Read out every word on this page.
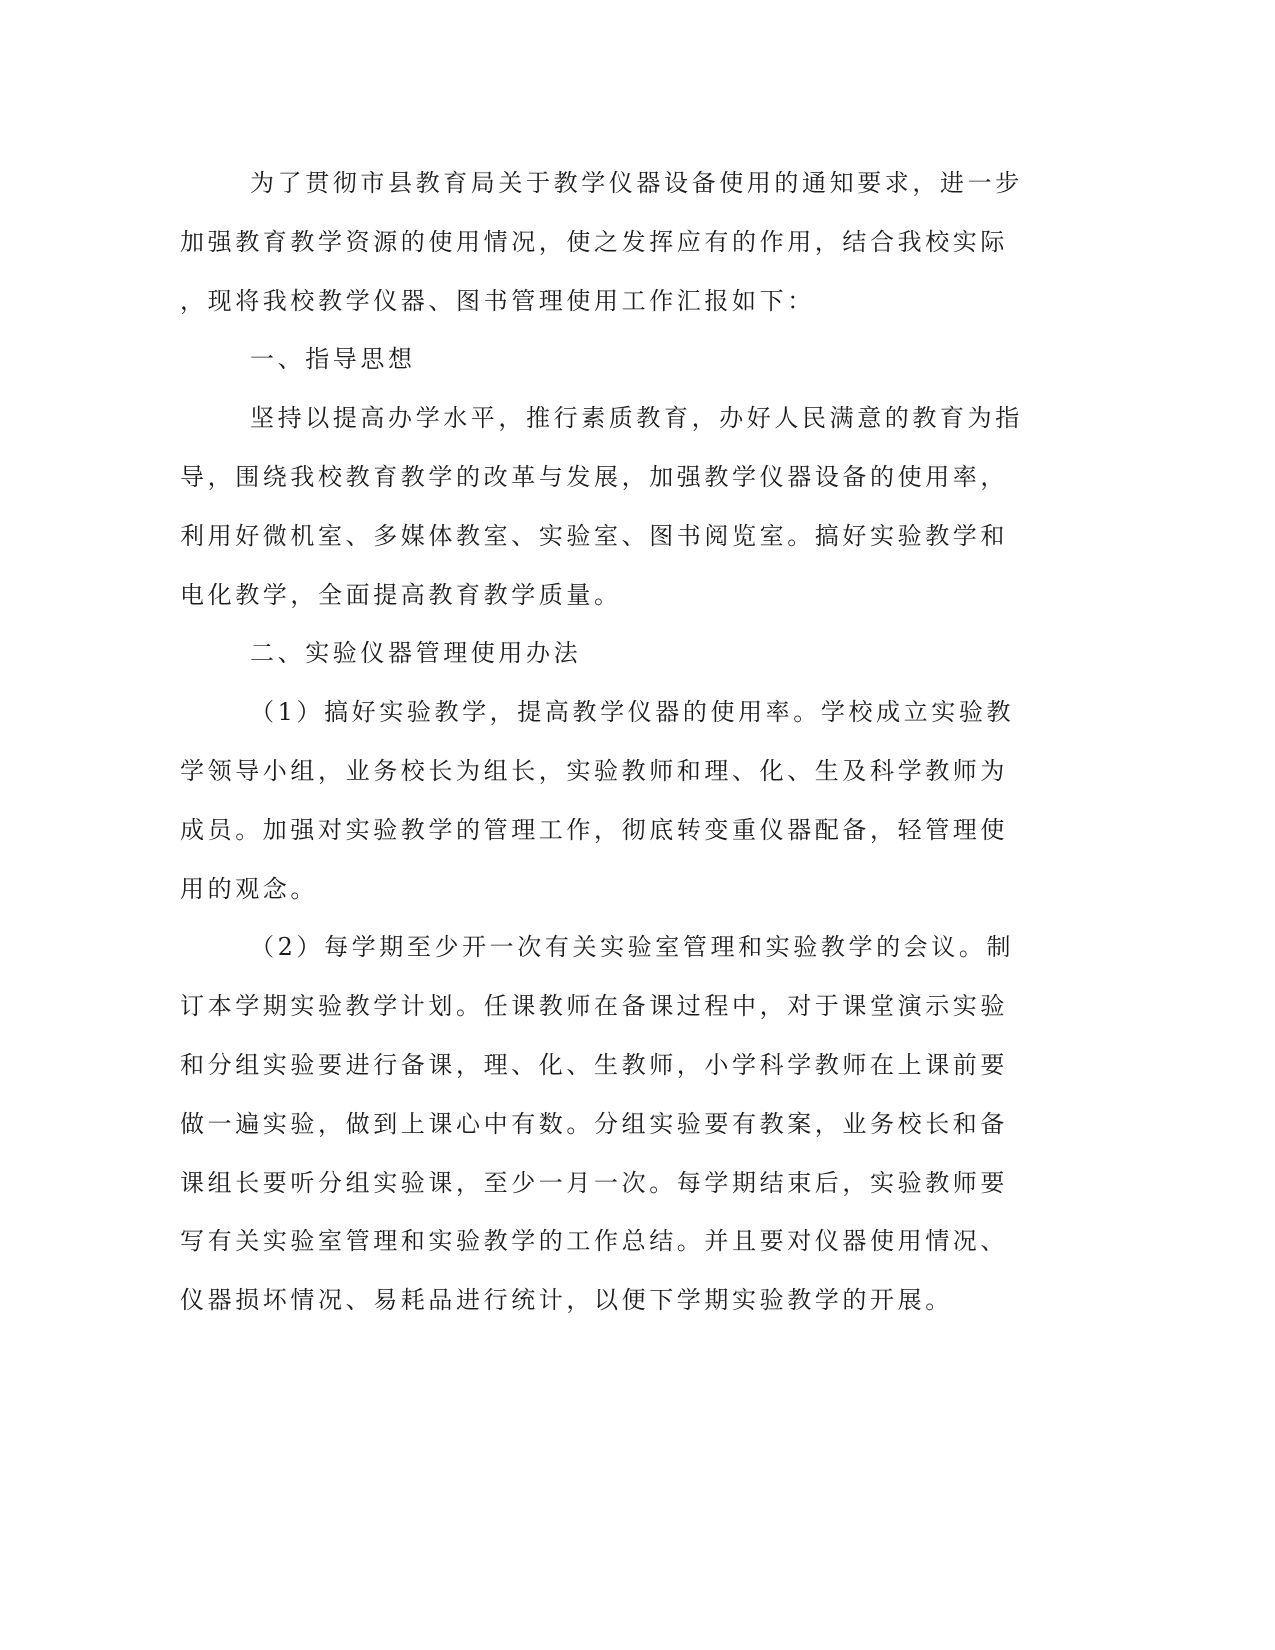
为了贯彻市县教育局关于教学仪器设备使用的通知要求，进一步
加强教育教学资源的使用情况，使之发挥应有的作用，结合我校实际
，现将我校教学仪器、图书管理使用工作汇报如下：
一、指导思想
坚持以提高办学水平，推行素质教育，办好人民满意的教育为指
导，围绕我校教育教学的改革与发展，加强教学仪器设备的使用率，
利用好微机室、多媒体教室、实验室、图书阅览室。搞好实验教学和
电化教学，全面提高教育教学质量。
二、实验仪器管理使用办法
（1）搞好实验教学，提高教学仪器的使用率。学校成立实验教
学领导小组，业务校长为组长，实验教师和理、化、生及科学教师为
成员。加强对实验教学的管理工作，彻底转变重仪器配备，轻管理使
用的观念。
（2）每学期至少开一次有关实验室管理和实验教学的会议。制
订本学期实验教学计划。任课教师在备课过程中，对于课堂演示实验
和分组实验要进行备课，理、化、生教师，小学科学教师在上课前要
做一遍实验，做到上课心中有数。分组实验要有教案，业务校长和备
课组长要听分组实验课，至少一月一次。每学期结束后，实验教师要
写有关实验室管理和实验教学的工作总结。并且要对仪器使用情况、
仪器损坏情况、易耗品进行统计，以便下学期实验教学的开展。
